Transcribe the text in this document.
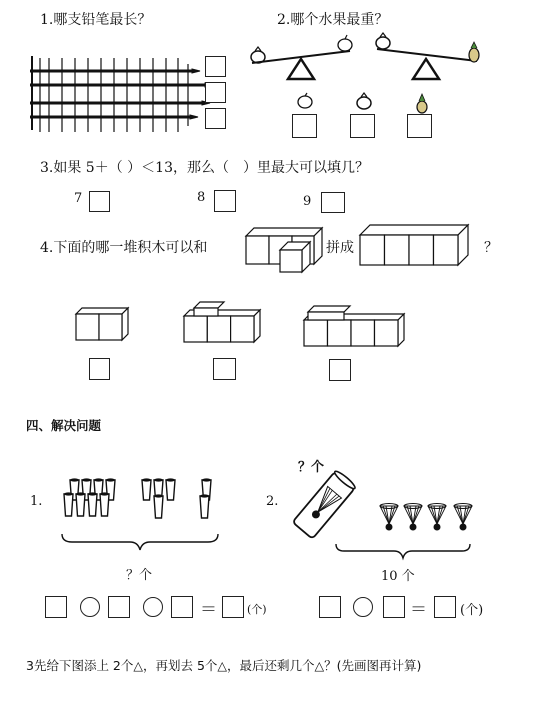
1.哪支铅笔最长？	2.哪个水果最重？
3.如果 5＋（ ）＜13，那么（　）里最大可以填几？
7	8	9
4.下面的哪一堆积木可以和	拼成	？
四、解决问题
1.
？个
＝	(个)
2.
？个
10 个
＝	(个)
3先给下图添上 2个△，再划去 5个△，最后还剩几个△？(先画图再计算)
